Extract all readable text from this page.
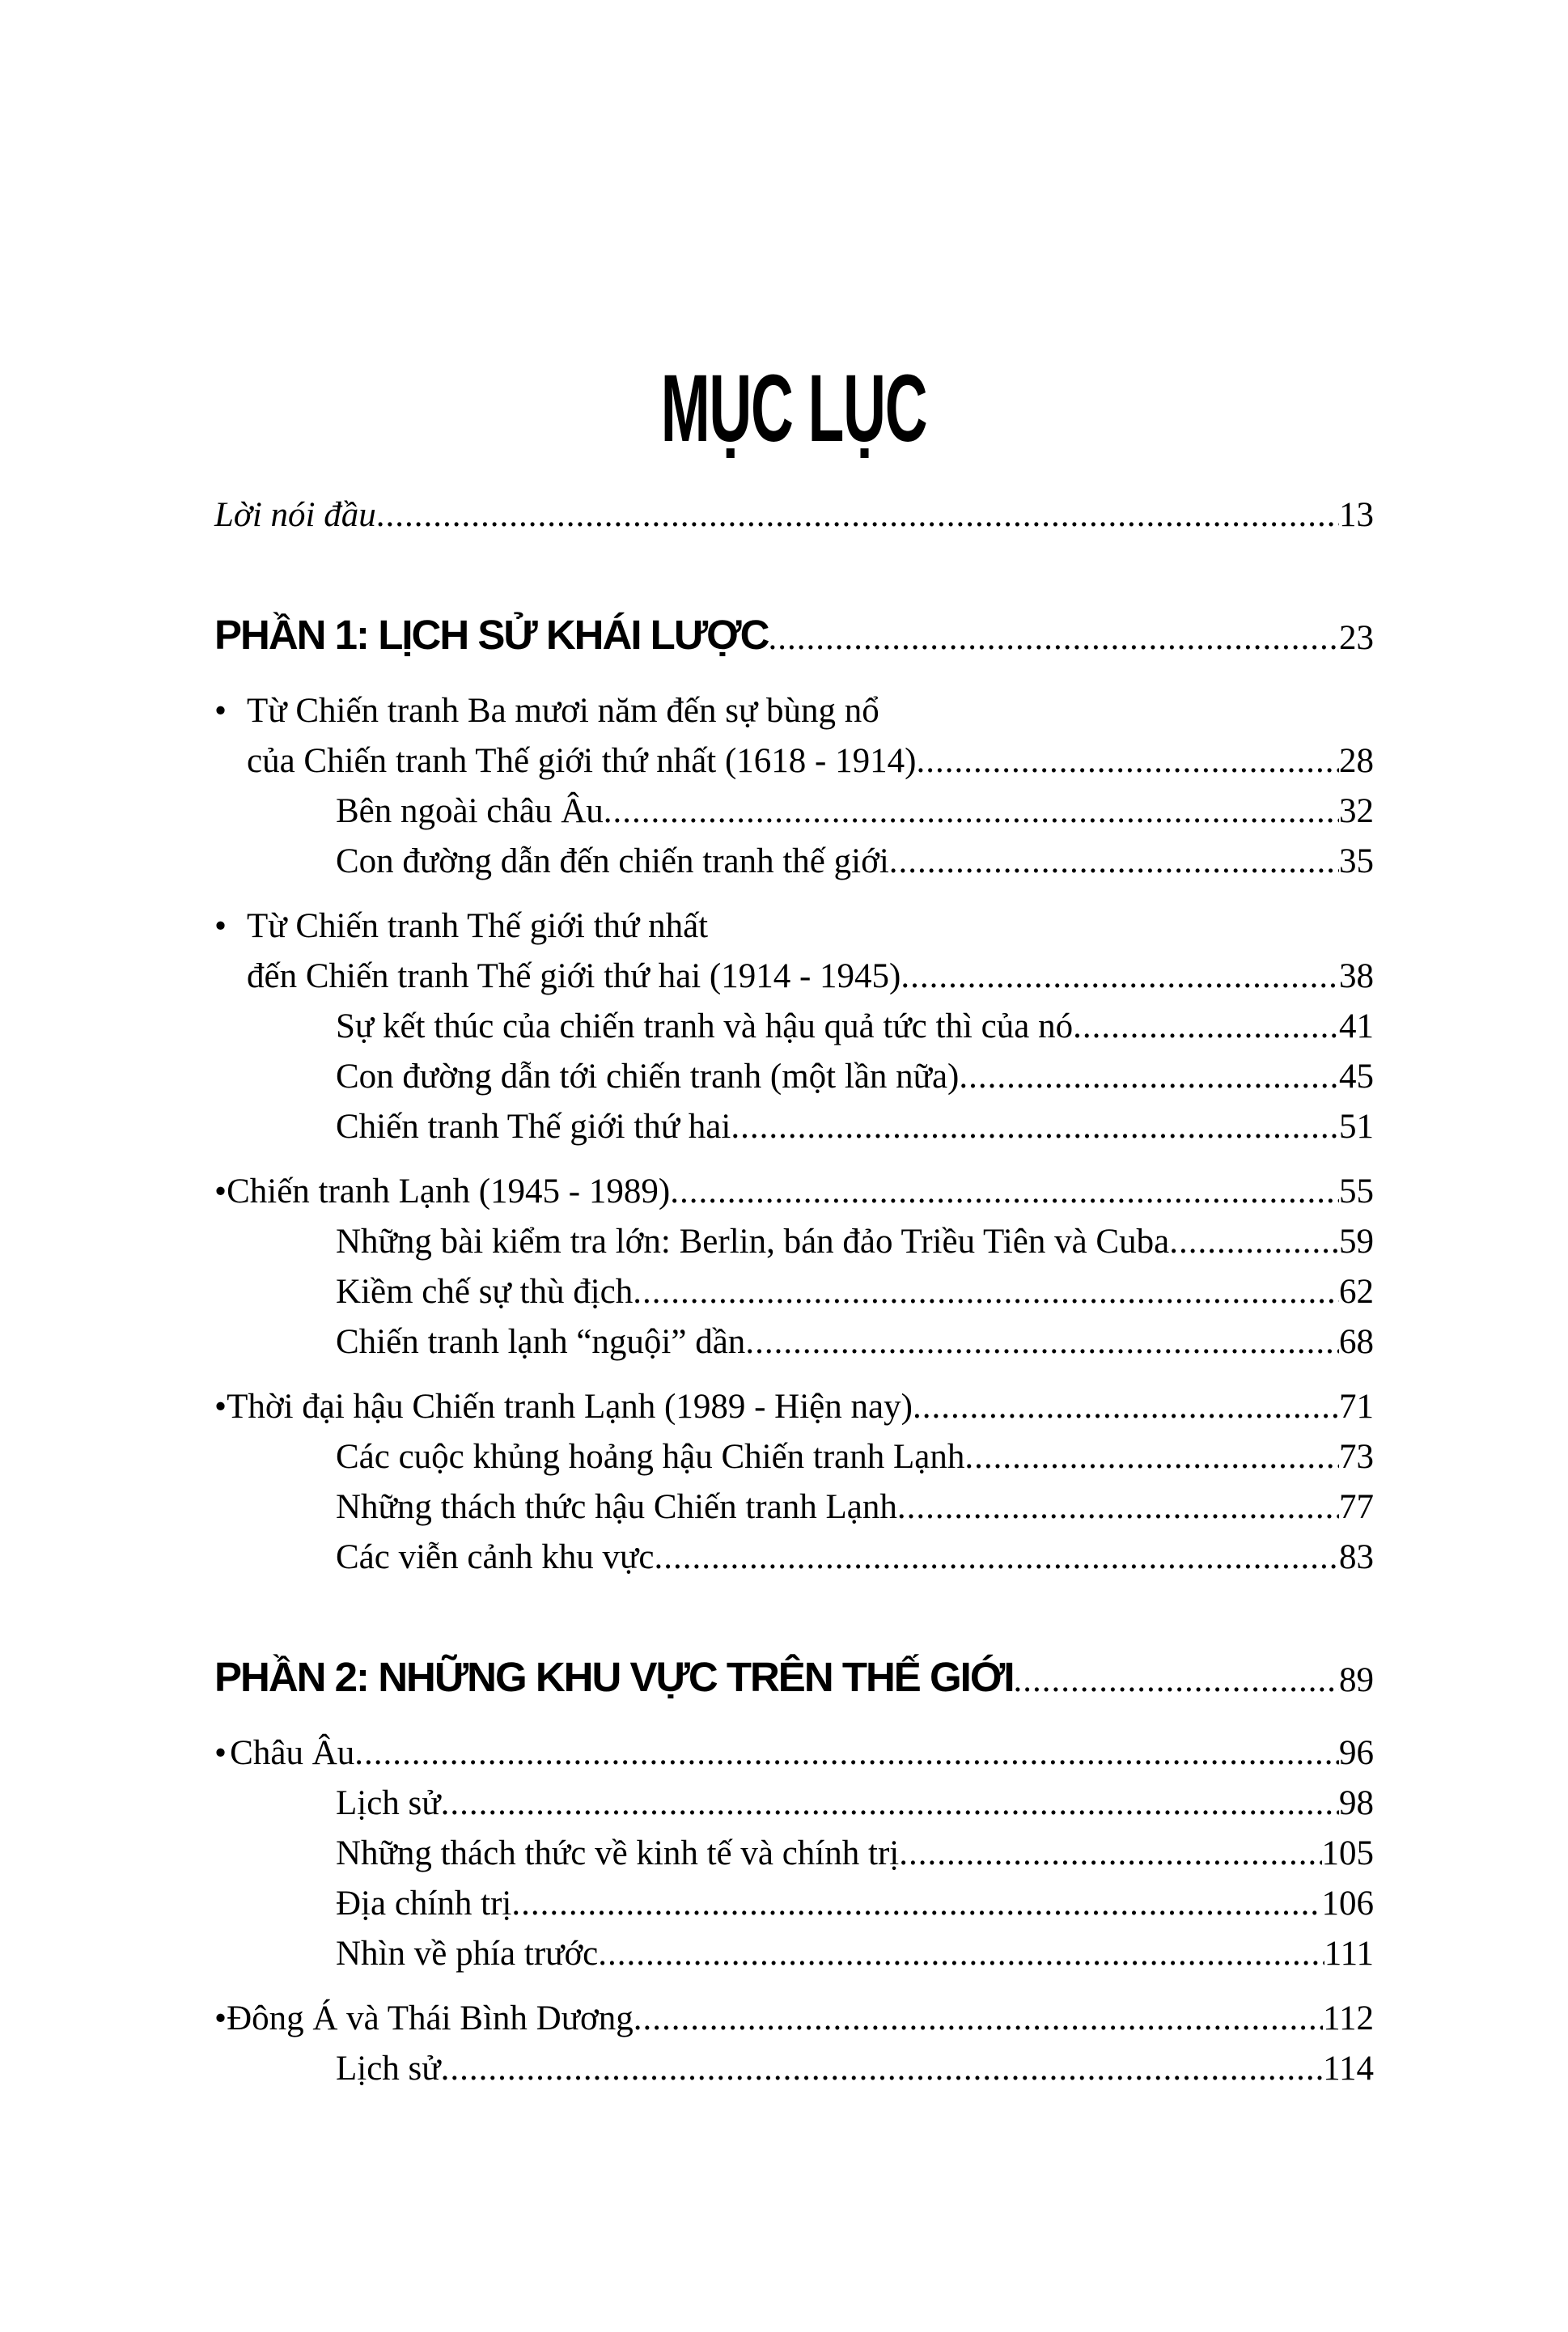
MỤC LỤC
Lời nói đầu .....	13
PHẦN 1: LỊCH SỬ KHÁI LƯỢC .....	23
• Từ Chiến tranh Ba mươi năm đến sự bùng nổ
của Chiến tranh Thế giới thứ nhất (1618 - 1914) .....	28
Bên ngoài châu Âu .....	32
Con đường dẫn đến chiến tranh thế giới .....	35
• Từ Chiến tranh Thế giới thứ nhất
đến Chiến tranh Thế giới thứ hai (1914 - 1945) .....	38
Sự kết thúc của chiến tranh và hậu quả tức thì của nó .....	41
Con đường dẫn tới chiến tranh (một lần nữa) .....	45
Chiến tranh Thế giới thứ hai .....	51
• Chiến tranh Lạnh (1945 - 1989) .....	55
Những bài kiểm tra lớn: Berlin, bán đảo Triều Tiên và Cuba .....	59
Kiềm chế sự thù địch .....	62
Chiến tranh lạnh “nguội” dần .....	68
• Thời đại hậu Chiến tranh Lạnh (1989 - Hiện nay) .....	71
Các cuộc khủng hoảng hậu Chiến tranh Lạnh .....	73
Những thách thức hậu Chiến tranh Lạnh .....	77
Các viễn cảnh khu vực .....	83
PHẦN 2: NHỮNG KHU VỰC TRÊN THẾ GIỚI .....	89
• Châu Âu .....	96
Lịch sử .....	98
Những thách thức về kinh tế và chính trị .....	105
Địa chính trị .....	106
Nhìn về phía trước .....	111
• Đông Á và Thái Bình Dương .....	112
Lịch sử .....	114
